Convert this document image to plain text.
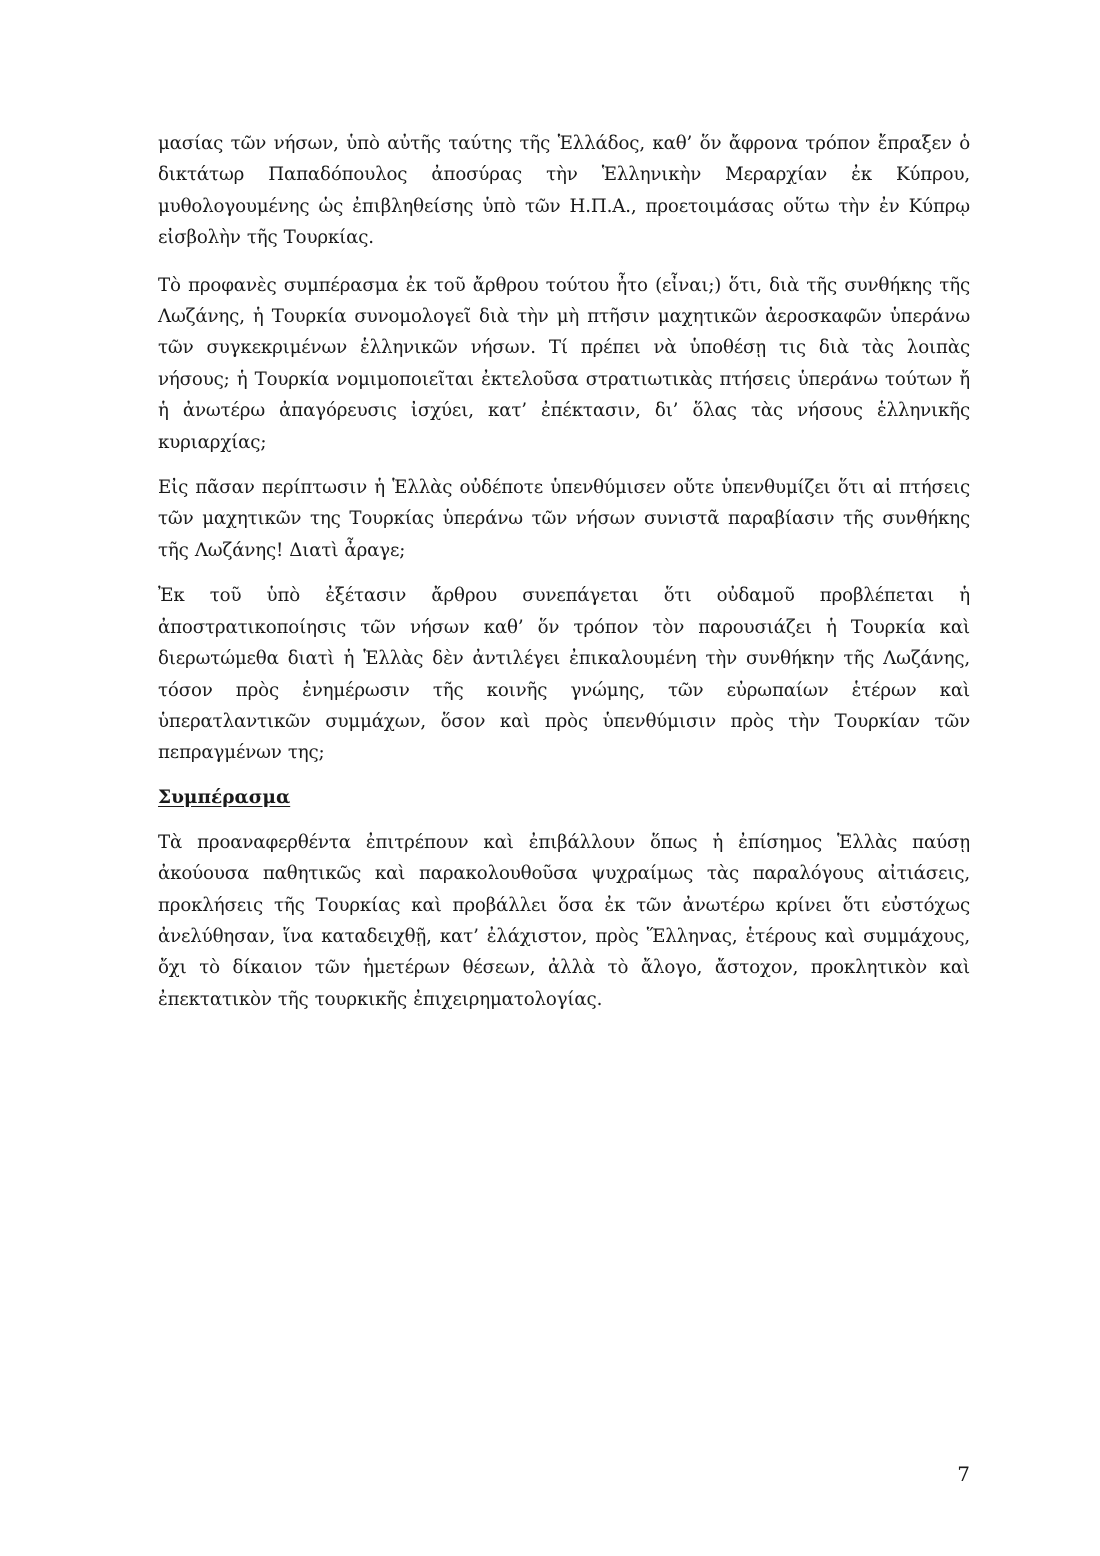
μασίας τῶν νήσων, ὑπὸ αὐτῆς ταύτης τῆς Ἑλλάδος, καθ’ ὅν ἄφρονα τρόπον ἔπραξεν ὁ δικτάτωρ Παπαδόπουλος ἀποσύρας τὴν Ἑλληνικὴν Μεραρχίαν ἐκ Κύπρου, μυθολογουμένης ὡς ἐπιβληθείσης ὑπὸ τῶν Η.Π.Α., προετοιμάσας οὕτω τὴν ἐν Κύπρῳ εἰσβολὴν τῆς Τουρκίας.

Τὸ προφανὲς συμπέρασμα ἐκ τοῦ ἄρθρου τούτου ἦτο (εἶναι;) ὅτι, διὰ τῆς συνθήκης τῆς Λωζάνης, ἡ Τουρκία συνομολογεῖ διὰ τὴν μὴ πτῆσιν μαχητικῶν ἀεροσκαφῶν ὑπεράνω τῶν συγκεκριμένων ἑλληνικῶν νήσων. Τί πρέπει νὰ ὑποθέσῃ τις διὰ τὰς λοιπὰς νήσους; ἡ Τουρκία νομιμοποιεῖται ἐκτελοῦσα στρατιωτικὰς πτήσεις ὑπεράνω τούτων ἤ ἡ ἀνωτέρω ἀπαγόρευσις ἰσχύει, κατ’ ἐπέκτασιν, δι’ ὅλας τὰς νήσους ἑλληνικῆς κυριαρχίας;

Εἰς πᾶσαν περίπτωσιν ἡ Ἑλλὰς οὐδέποτε ὑπενθύμισεν οὔτε ὑπενθυμίζει ὅτι αἱ πτήσεις τῶν μαχητικῶν της Τουρκίας ὑπεράνω τῶν νήσων συνιστᾶ παραβίασιν τῆς συνθήκης τῆς Λωζάνης! Διατὶ ἆραγε;

Ἐκ τοῦ ὑπὸ ἐξέτασιν ἄρθρου συνεπάγεται ὅτι οὐδαμοῦ προβλέπεται ἡ ἀποστρατικοποίησις τῶν νήσων καθ’ ὅν τρόπον τὸν παρουσιάζει ἡ Τουρκία καὶ διερωτώμεθα διατὶ ἡ Ἑλλὰς δὲν ἀντιλέγει ἐπικαλουμένη τὴν συνθήκην τῆς Λωζάνης, τόσον πρὸς ἐνημέρωσιν τῆς κοινῆς γνώμης, τῶν εὐρωπαίων ἑτέρων καὶ ὑπερατλαντικῶν συμμάχων, ὅσον καὶ πρὸς ὑπενθύμισιν πρὸς τὴν Τουρκίαν τῶν πεπραγμένων της;

Συμπέρασμα

Τὰ προαναφερθέντα ἐπιτρέπουν καὶ ἐπιβάλλουν ὅπως ἡ ἐπίσημος Ἑλλὰς παύσῃ ἀκούουσα παθητικῶς καὶ παρακολουθοῦσα ψυχραίμως τὰς παραλόγους αἰτιάσεις, προκλήσεις τῆς Τουρκίας καὶ προβάλλει ὅσα ἐκ τῶν ἀνωτέρω κρίνει ὅτι εὐστόχως ἀνελύθησαν, ἵνα καταδειχθῇ, κατ’ ἐλάχιστον, πρὸς Ἕλληνας, ἑτέρους καὶ συμμάχους, ὄχι τὸ δίκαιον τῶν ἡμετέρων θέσεων, ἀλλὰ τὸ ἄλογο, ἄστοχον, προκλητικὸν καὶ ἐπεκτατικὸν τῆς τουρκικῆς ἐπιχειρηματολογίας.

7
